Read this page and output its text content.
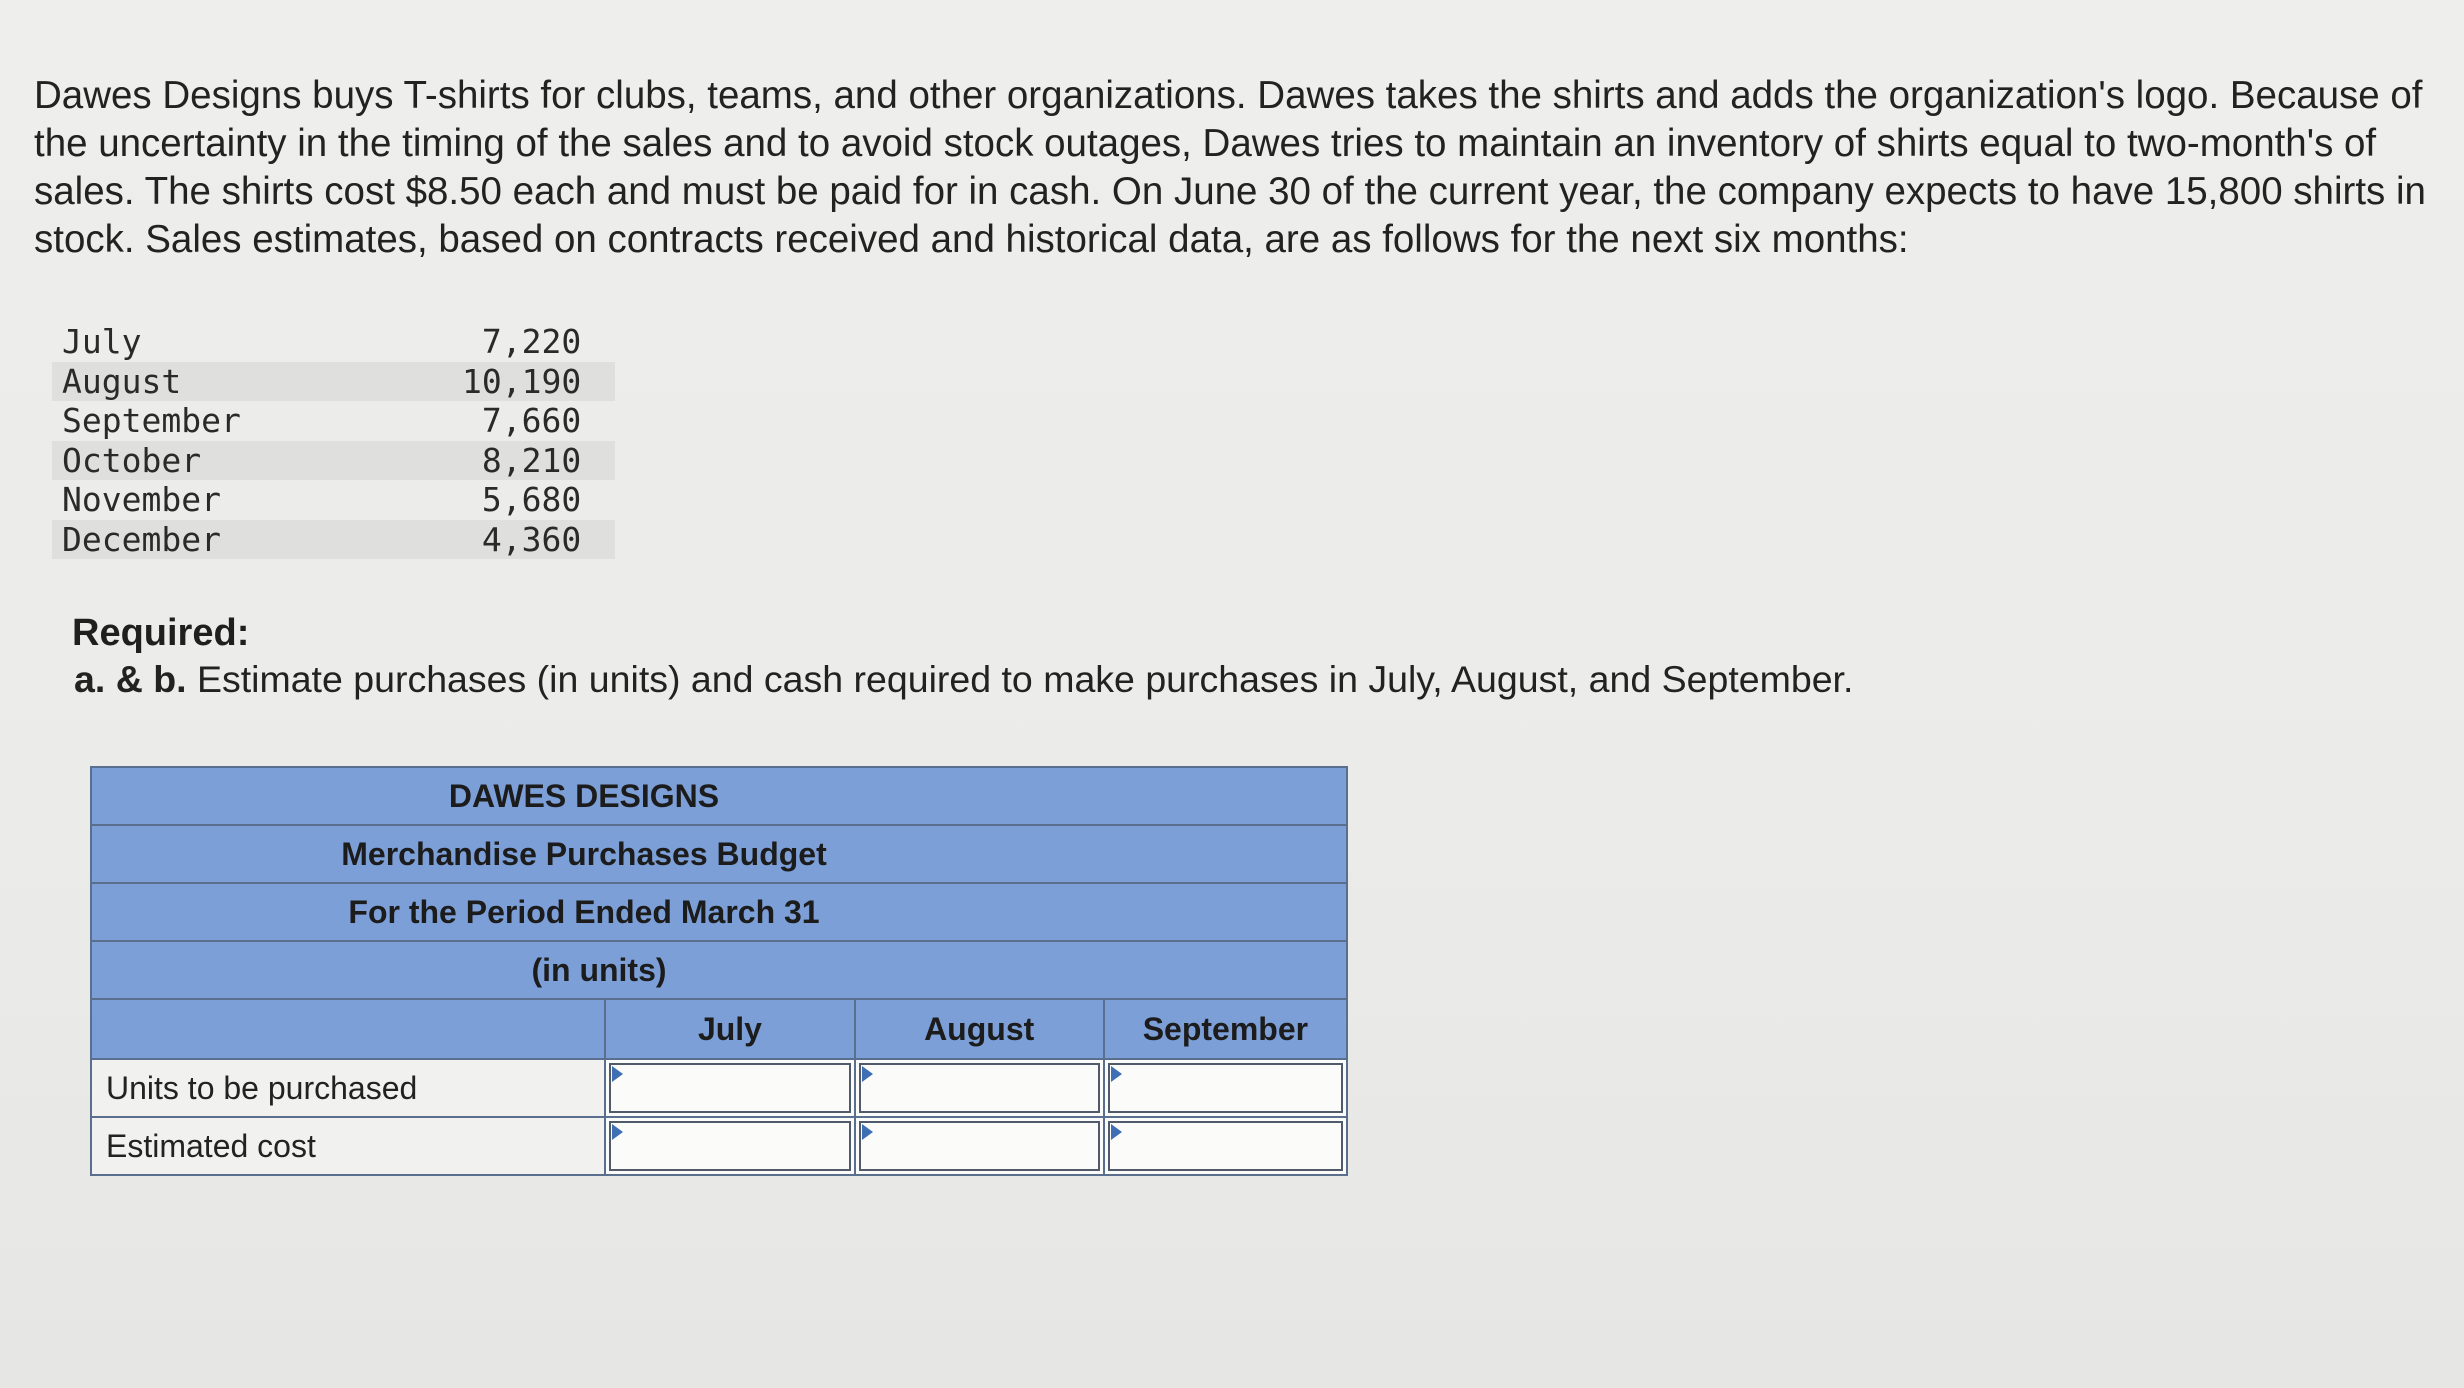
Dawes Designs buys T-shirts for clubs, teams, and other organizations. Dawes takes the shirts and adds the organization's logo. Because of the uncertainty in the timing of the sales and to avoid stock outages, Dawes tries to maintain an inventory of shirts equal to two-month's of sales. The shirts cost $8.50 each and must be paid for in cash. On June 30 of the current year, the company expects to have 15,800 shirts in stock. Sales estimates, based on contracts received and historical data, are as follows for the next six months:

July	7,220
August	10,190
September	7,660
October	8,210
November	5,680
December	4,360
Required:
a. & b. Estimate purchases (in units) and cash required to make purchases in July, August, and September.
DAWES DESIGNS
Merchandise Purchases Budget
For the Period Ended March 31
(in units)
July	August	September
Units to be purchased
Estimated cost
